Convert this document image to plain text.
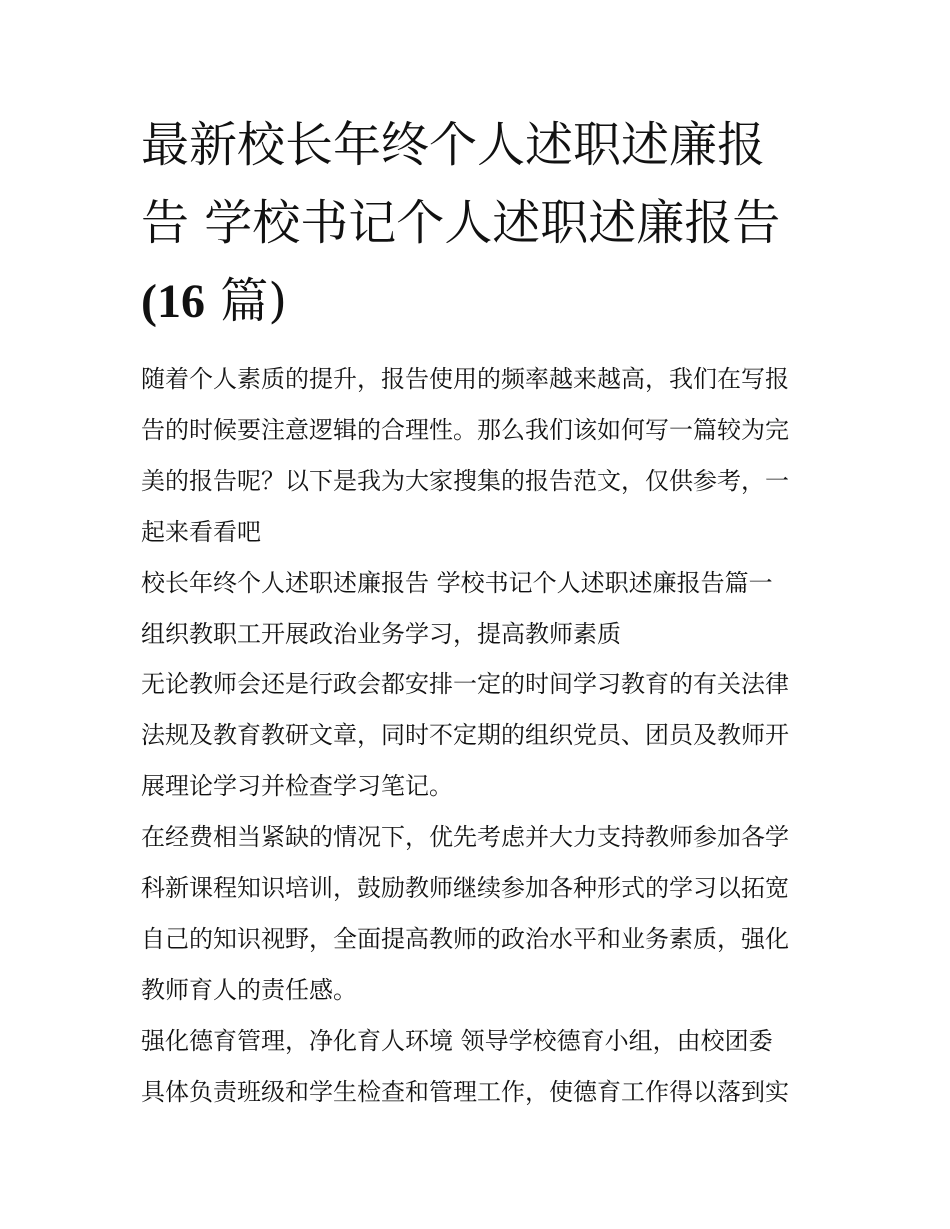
最新校长年终个人述职述廉报
告 学校书记个人述职述廉报告
(16 篇)
随着个人素质的提升，报告使用的频率越来越高，我们在写报
告的时候要注意逻辑的合理性。那么我们该如何写一篇较为完
美的报告呢？以下是我为大家搜集的报告范文，仅供参考，一
起来看看吧
校长年终个人述职述廉报告 学校书记个人述职述廉报告篇一
组织教职工开展政治业务学习，提高教师素质
无论教师会还是行政会都安排一定的时间学习教育的有关法律
法规及教育教研文章，同时不定期的组织党员、团员及教师开
展理论学习并检查学习笔记。
在经费相当紧缺的情况下，优先考虑并大力支持教师参加各学
科新课程知识培训，鼓励教师继续参加各种形式的学习以拓宽
自己的知识视野，全面提高教师的政治水平和业务素质，强化
教师育人的责任感。
强化德育管理，净化育人环境 领导学校德育小组，由校团委
具体负责班级和学生检查和管理工作，使德育工作得以落到实
